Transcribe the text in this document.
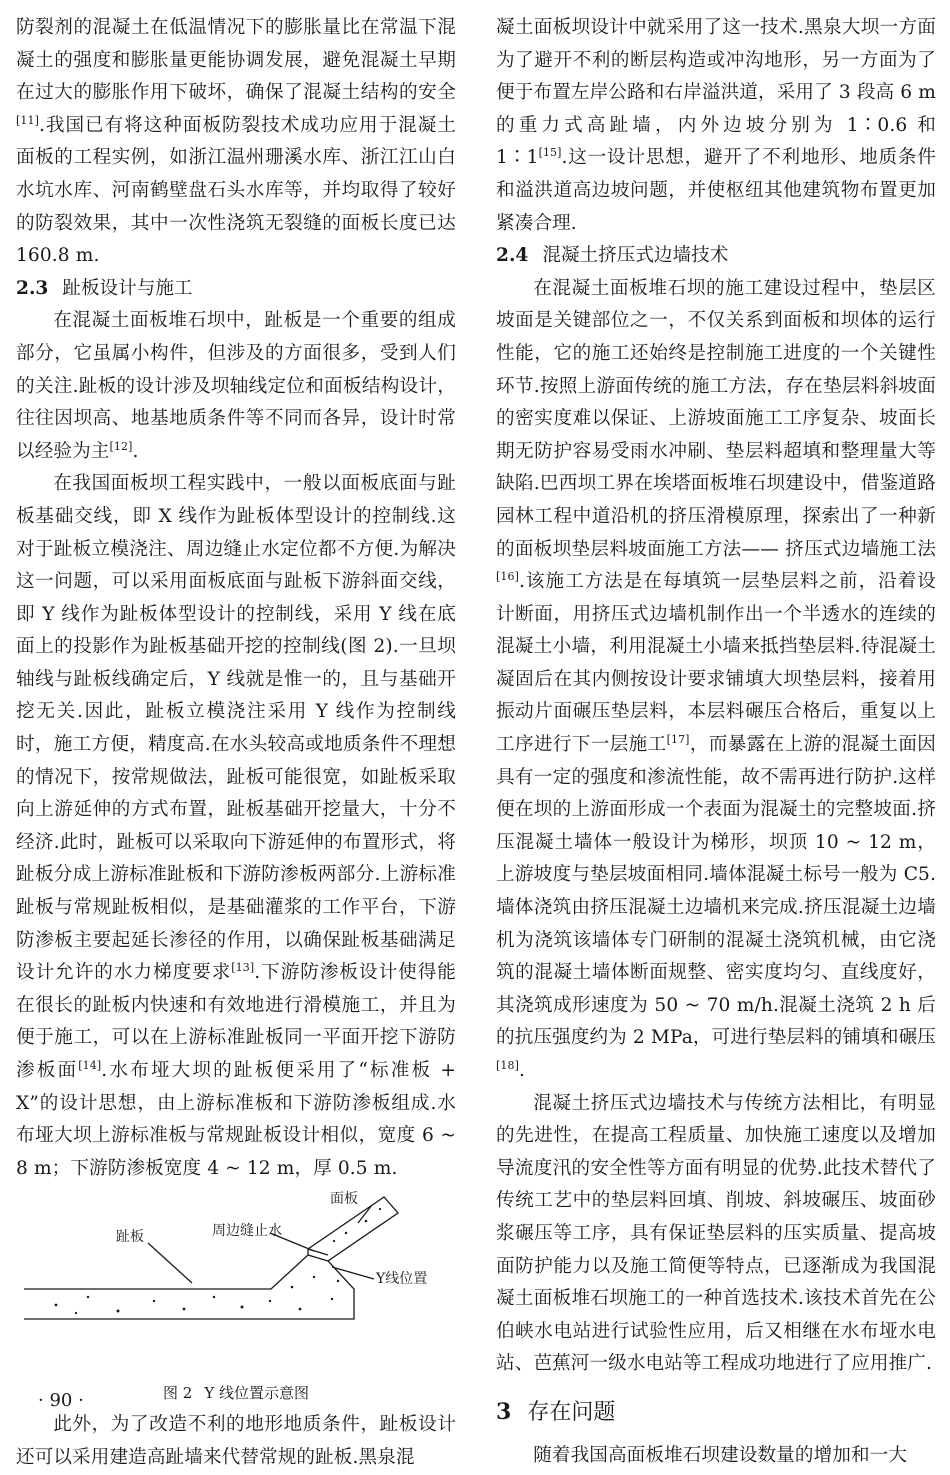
防裂剂的混凝土在低温情况下的膨胀量比在常温下混凝土的强度和膨胀量更能协调发展，避免混凝土早期在过大的膨胀作用下破坏，确保了混凝土结构的安全[11].我国已有将这种面板防裂技术成功应用于混凝土面板的工程实例，如浙江温州珊溪水库、浙江江山白水坑水库、河南鹤壁盘石头水库等，并均取得了较好的防裂效果，其中一次性浇筑无裂缝的面板长度已达 160.8 m.

2.3 趾板设计与施工

在混凝土面板堆石坝中，趾板是一个重要的组成部分，它虽属小构件，但涉及的方面很多，受到人们的关注.趾板的设计涉及坝轴线定位和面板结构设计，往往因坝高、地基地质条件等不同而各异，设计时常以经验为主[12].

在我国面板坝工程实践中，一般以面板底面与趾板基础交线，即 X 线作为趾板体型设计的控制线.这对于趾板立模浇注、周边缝止水定位都不方便.为解决这一问题，可以采用面板底面与趾板下游斜面交线，即 Y 线作为趾板体型设计的控制线，采用 Y 线在底面上的投影作为趾板基础开挖的控制线(图 2).一旦坝轴线与趾板线确定后，Y 线就是惟一的，且与基础开挖无关.因此，趾板立模浇注采用 Y 线作为控制线时，施工方便，精度高.在水头较高或地质条件不理想的情况下，按常规做法，趾板可能很宽，如趾板采取向上游延伸的方式布置，趾板基础开挖量大，十分不经济.此时，趾板可以采取向下游延伸的布置形式，将趾板分成上游标准趾板和下游防渗板两部分.上游标准趾板与常规趾板相似，是基础灌浆的工作平台，下游防渗板主要起延长渗径的作用，以确保趾板基础满足设计允许的水力梯度要求[13].下游防渗板设计使得能在很长的趾板内快速和有效地进行滑模施工，并且为便于施工，可以在上游标准趾板同一平面开挖下游防渗板面[14].水布垭大坝的趾板便采用了“标准板 + X”的设计思想，由上游标准板和下游防渗板组成.水布垭大坝上游标准板与常规趾板设计相似，宽度 6 ~ 8 m；下游防渗板宽度 4 ~ 12 m，厚 0.5 m.

面板
周边缝止水
趾板
Y线位置

图 2 Y 线位置示意图

此外，为了改造不利的地形地质条件，趾板设计还可以采用建造高趾墙来代替常规的趾板.黑泉混

凝土面板坝设计中就采用了这一技术.黑泉大坝一方面为了避开不利的断层构造或冲沟地形，另一方面为了便于布置左岸公路和右岸溢洪道，采用了 3 段高 6 m 的重力式高趾墙，内外边坡分别为 1∶0.6 和 1∶1[15].这一设计思想，避开了不利地形、地质条件和溢洪道高边坡问题，并使枢纽其他建筑物布置更加紧凑合理.

2.4 混凝土挤压式边墙技术

在混凝土面板堆石坝的施工建设过程中，垫层区坡面是关键部位之一，不仅关系到面板和坝体的运行性能，它的施工还始终是控制施工进度的一个关键性环节.按照上游面传统的施工方法，存在垫层料斜坡面的密实度难以保证、上游坡面施工工序复杂、坡面长期无防护容易受雨水冲刷、垫层料超填和整理量大等缺陷.巴西坝工界在埃塔面板堆石坝建设中，借鉴道路园林工程中道沿机的挤压滑模原理，探索出了一种新的面板坝垫层料坡面施工方法—— 挤压式边墙施工法[16].该施工方法是在每填筑一层垫层料之前，沿着设计断面，用挤压式边墙机制作出一个半透水的连续的混凝土小墙，利用混凝土小墙来抵挡垫层料.待混凝土凝固后在其内侧按设计要求铺填大坝垫层料，接着用振动片面碾压垫层料，本层料碾压合格后，重复以上工序进行下一层施工[17]，而暴露在上游的混凝土面因具有一定的强度和渗流性能，故不需再进行防护.这样便在坝的上游面形成一个表面为混凝土的完整坡面.挤压混凝土墙体一般设计为梯形，坝顶 10 ~ 12 m，上游坡度与垫层坡面相同.墙体混凝土标号一般为 C5.墙体浇筑由挤压混凝土边墙机来完成.挤压混凝土边墙机为浇筑该墙体专门研制的混凝土浇筑机械，由它浇筑的混凝土墙体断面规整、密实度均匀、直线度好，其浇筑成形速度为 50 ~ 70 m/h.混凝土浇筑 2 h 后的抗压强度约为 2 MPa，可进行垫层料的铺填和碾压[18].

混凝土挤压式边墙技术与传统方法相比，有明显的先进性，在提高工程质量、加快施工速度以及增加导流度汛的安全性等方面有明显的优势.此技术替代了传统工艺中的垫层料回填、削坡、斜坡碾压、坡面砂浆碾压等工序，具有保证垫层料的压实质量、提高坡面防护能力以及施工简便等特点，已逐渐成为我国混凝土面板堆石坝施工的一种首选技术.该技术首先在公伯峡水电站进行试验性应用，后又相继在水布垭水电站、芭蕉河一级水电站等工程成功地进行了应用推广.

3 存在问题

随着我国高面板堆石坝建设数量的增加和一大

· 90 ·
